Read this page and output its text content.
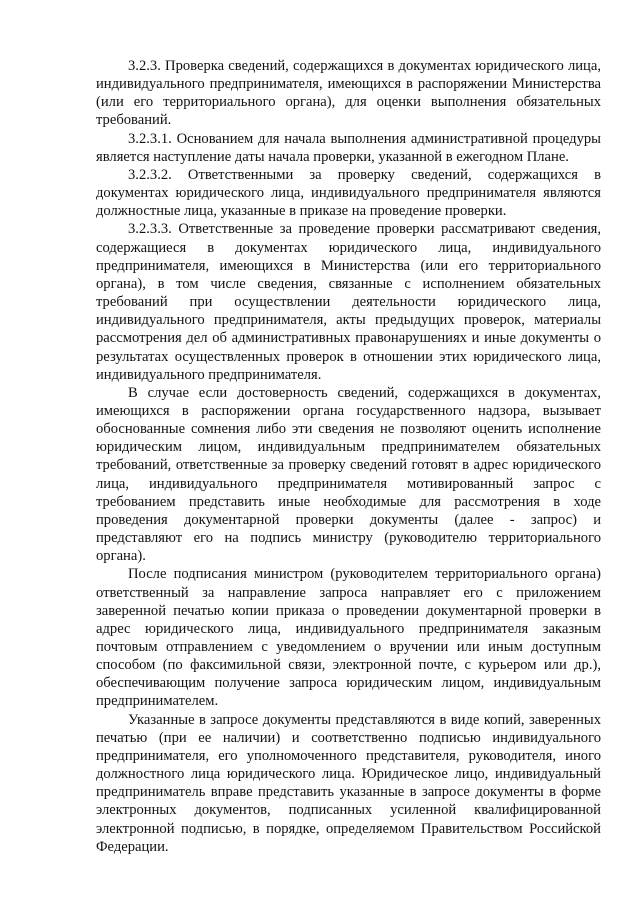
3.2.3. Проверка сведений, содержащихся в документах юридического лица, индивидуального предпринимателя, имеющихся в распоряжении Министерства (или его территориального органа), для оценки выполнения обязательных требований.

3.2.3.1. Основанием для начала выполнения административной процедуры является наступление даты начала проверки, указанной в ежегодном Плане.

3.2.3.2. Ответственными за проверку сведений, содержащихся в документах юридического лица, индивидуального предпринимателя являются должностные лица, указанные в приказе на проведение проверки.

3.2.3.3. Ответственные за проведение проверки рассматривают сведения, содержащиеся в документах юридического лица, индивидуального предпринимателя, имеющихся в Министерства (или его территориального органа), в том числе сведения, связанные с исполнением обязательных требований при осуществлении деятельности юридического лица, индивидуального предпринимателя, акты предыдущих проверок, материалы рассмотрения дел об административных правонарушениях и иные документы о результатах осуществленных проверок в отношении этих юридического лица, индивидуального предпринимателя.

В случае если достоверность сведений, содержащихся в документах, имеющихся в распоряжении органа государственного надзора, вызывает обоснованные сомнения либо эти сведения не позволяют оценить исполнение юридическим лицом, индивидуальным предпринимателем обязательных требований, ответственные за проверку сведений готовят в адрес юридического лица, индивидуального предпринимателя мотивированный запрос с требованием представить иные необходимые для рассмотрения в ходе проведения документарной проверки документы (далее - запрос) и представляют его на подпись министру (руководителю территориального органа).

После подписания министром (руководителем территориального органа) ответственный за направление запроса направляет его с приложением заверенной печатью копии приказа о проведении документарной проверки в адрес юридического лица, индивидуального предпринимателя заказным почтовым отправлением с уведомлением о вручении или иным доступным способом (по факсимильной связи, электронной почте, с курьером или др.), обеспечивающим получение запроса юридическим лицом, индивидуальным предпринимателем.

Указанные в запросе документы представляются в виде копий, заверенных печатью (при ее наличии) и соответственно подписью индивидуального предпринимателя, его уполномоченного представителя, руководителя, иного должностного лица юридического лица. Юридическое лицо, индивидуальный предприниматель вправе представить указанные в запросе документы в форме электронных документов, подписанных усиленной квалифицированной электронной подписью, в порядке, определяемом Правительством Российской Федерации.
